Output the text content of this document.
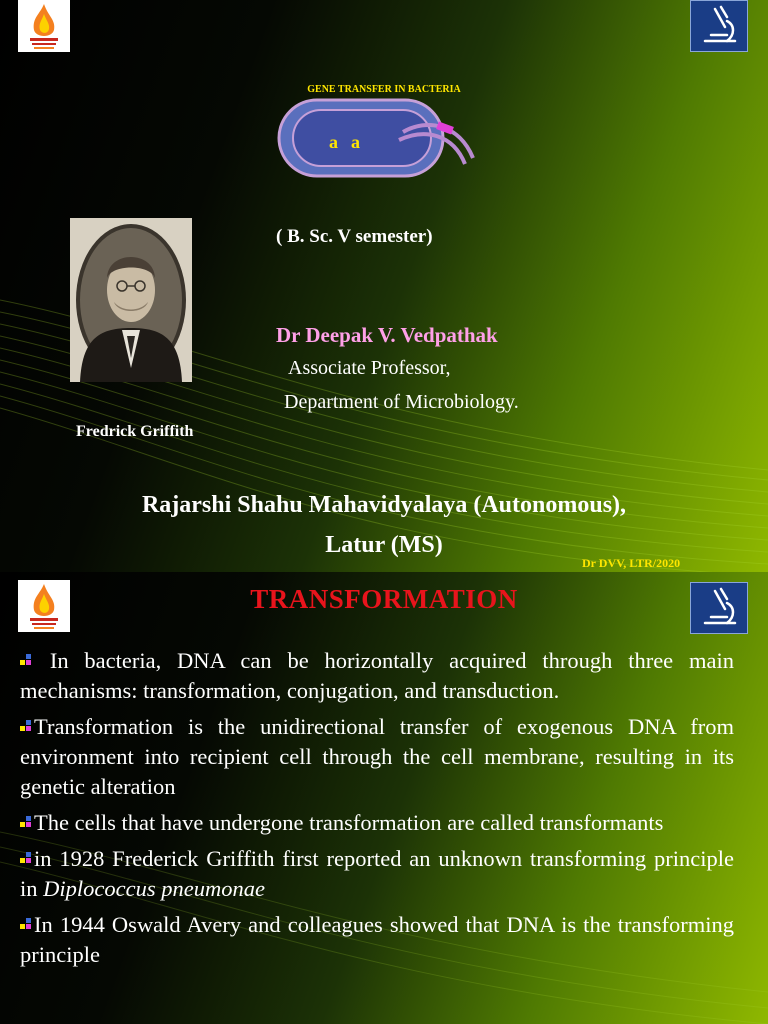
GENE TRANSFER IN BACTERIA
a a
( B. Sc. V semester)
Fredrick Griffith
Dr Deepak V. Vedpathak
Associate Professor,
Department of Microbiology.
Rajarshi Shahu Mahavidyalaya (Autonomous),
Latur (MS)
Dr DVV, LTR/2020
TRANSFORMATION

In bacteria, DNA can be horizontally acquired through three main mechanisms: transformation, conjugation, and transduction.

Transformation is the unidirectional transfer of exogenous DNA from environment into recipient cell through the cell membrane, resulting in its genetic alteration

The cells that have undergone transformation are called transformants

in 1928 Frederick Griffith first reported an unknown transforming principle in Diplococcus pneumonae

In 1944 Oswald Avery and colleagues showed that DNA is the transforming principle
